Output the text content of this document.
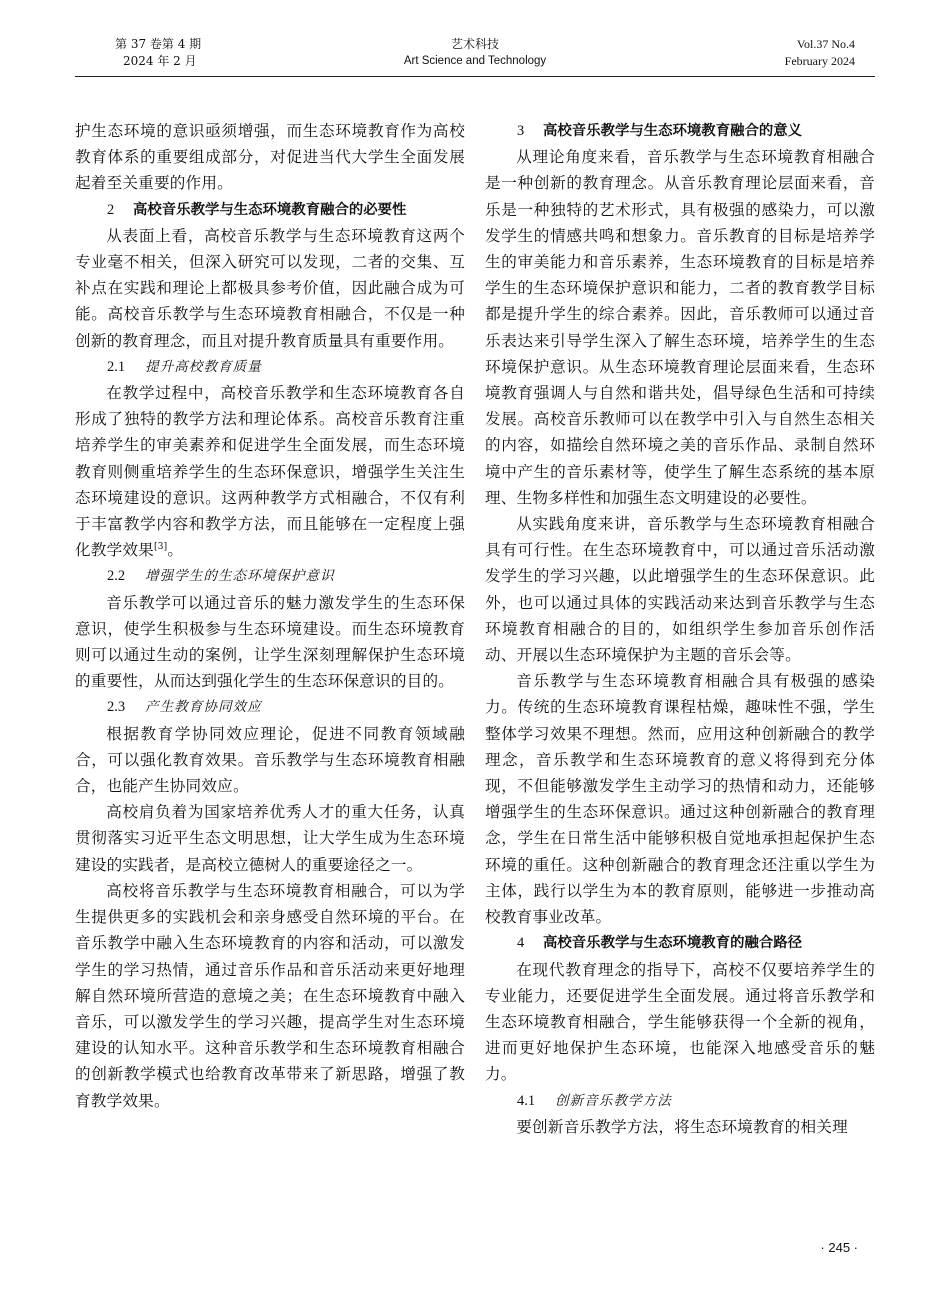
第 37 卷第 4 期
2024 年 2 月
艺术科技
Art Science and Technology
Vol.37 No.4
February 2024

护生态环境的意识亟须增强，而生态环境教育作为高校教育体系的重要组成部分，对促进当代大学生全面发展起着至关重要的作用。

2 高校音乐教学与生态环境教育融合的必要性

从表面上看，高校音乐教学与生态环境教育这两个专业毫不相关，但深入研究可以发现，二者的交集、互补点在实践和理论上都极具参考价值，因此融合成为可能。高校音乐教学与生态环境教育相融合，不仅是一种创新的教育理念，而且对提升教育质量具有重要作用。

2.1 提升高校教育质量

在教学过程中，高校音乐教学和生态环境教育各自形成了独特的教学方法和理论体系。高校音乐教育注重培养学生的审美素养和促进学生全面发展，而生态环境教育则侧重培养学生的生态环保意识，增强学生关注生态环境建设的意识。这两种教学方式相融合，不仅有利于丰富教学内容和教学方法，而且能够在一定程度上强化教学效果[3]。

2.2 增强学生的生态环境保护意识

音乐教学可以通过音乐的魅力激发学生的生态环保意识，使学生积极参与生态环境建设。而生态环境教育则可以通过生动的案例，让学生深刻理解保护生态环境的重要性，从而达到强化学生的生态环保意识的目的。

2.3 产生教育协同效应

根据教育学协同效应理论，促进不同教育领域融合，可以强化教育效果。音乐教学与生态环境教育相融合，也能产生协同效应。

高校肩负着为国家培养优秀人才的重大任务，认真贯彻落实习近平生态文明思想，让大学生成为生态环境建设的实践者，是高校立德树人的重要途径之一。

高校将音乐教学与生态环境教育相融合，可以为学生提供更多的实践机会和亲身感受自然环境的平台。在音乐教学中融入生态环境教育的内容和活动，可以激发学生的学习热情，通过音乐作品和音乐活动来更好地理解自然环境所营造的意境之美；在生态环境教育中融入音乐，可以激发学生的学习兴趣，提高学生对生态环境建设的认知水平。这种音乐教学和生态环境教育相融合的创新教学模式也给教育改革带来了新思路，增强了教育教学效果。

3 高校音乐教学与生态环境教育融合的意义

从理论角度来看，音乐教学与生态环境教育相融合是一种创新的教育理念。从音乐教育理论层面来看，音乐是一种独特的艺术形式，具有极强的感染力，可以激发学生的情感共鸣和想象力。音乐教育的目标是培养学生的审美能力和音乐素养，生态环境教育的目标是培养学生的生态环境保护意识和能力，二者的教育教学目标都是提升学生的综合素养。因此，音乐教师可以通过音乐表达来引导学生深入了解生态环境，培养学生的生态环境保护意识。从生态环境教育理论层面来看，生态环境教育强调人与自然和谐共处，倡导绿色生活和可持续发展。高校音乐教师可以在教学中引入与自然生态相关的内容，如描绘自然环境之美的音乐作品、录制自然环境中产生的音乐素材等，使学生了解生态系统的基本原理、生物多样性和加强生态文明建设的必要性。

从实践角度来讲，音乐教学与生态环境教育相融合具有可行性。在生态环境教育中，可以通过音乐活动激发学生的学习兴趣，以此增强学生的生态环保意识。此外，也可以通过具体的实践活动来达到音乐教学与生态环境教育相融合的目的，如组织学生参加音乐创作活动、开展以生态环境保护为主题的音乐会等。

音乐教学与生态环境教育相融合具有极强的感染力。传统的生态环境教育课程枯燥，趣味性不强，学生整体学习效果不理想。然而，应用这种创新融合的教学理念，音乐教学和生态环境教育的意义将得到充分体现，不但能够激发学生主动学习的热情和动力，还能够增强学生的生态环保意识。通过这种创新融合的教育理念，学生在日常生活中能够积极自觉地承担起保护生态环境的重任。这种创新融合的教育理念还注重以学生为主体，践行以学生为本的教育原则，能够进一步推动高校教育事业改革。

4 高校音乐教学与生态环境教育的融合路径

在现代教育理念的指导下，高校不仅要培养学生的专业能力，还要促进学生全面发展。通过将音乐教学和生态环境教育相融合，学生能够获得一个全新的视角，进而更好地保护生态环境，也能深入地感受音乐的魅力。

4.1 创新音乐教学方法

要创新音乐教学方法，将生态环境教育的相关理

· 245 ·
